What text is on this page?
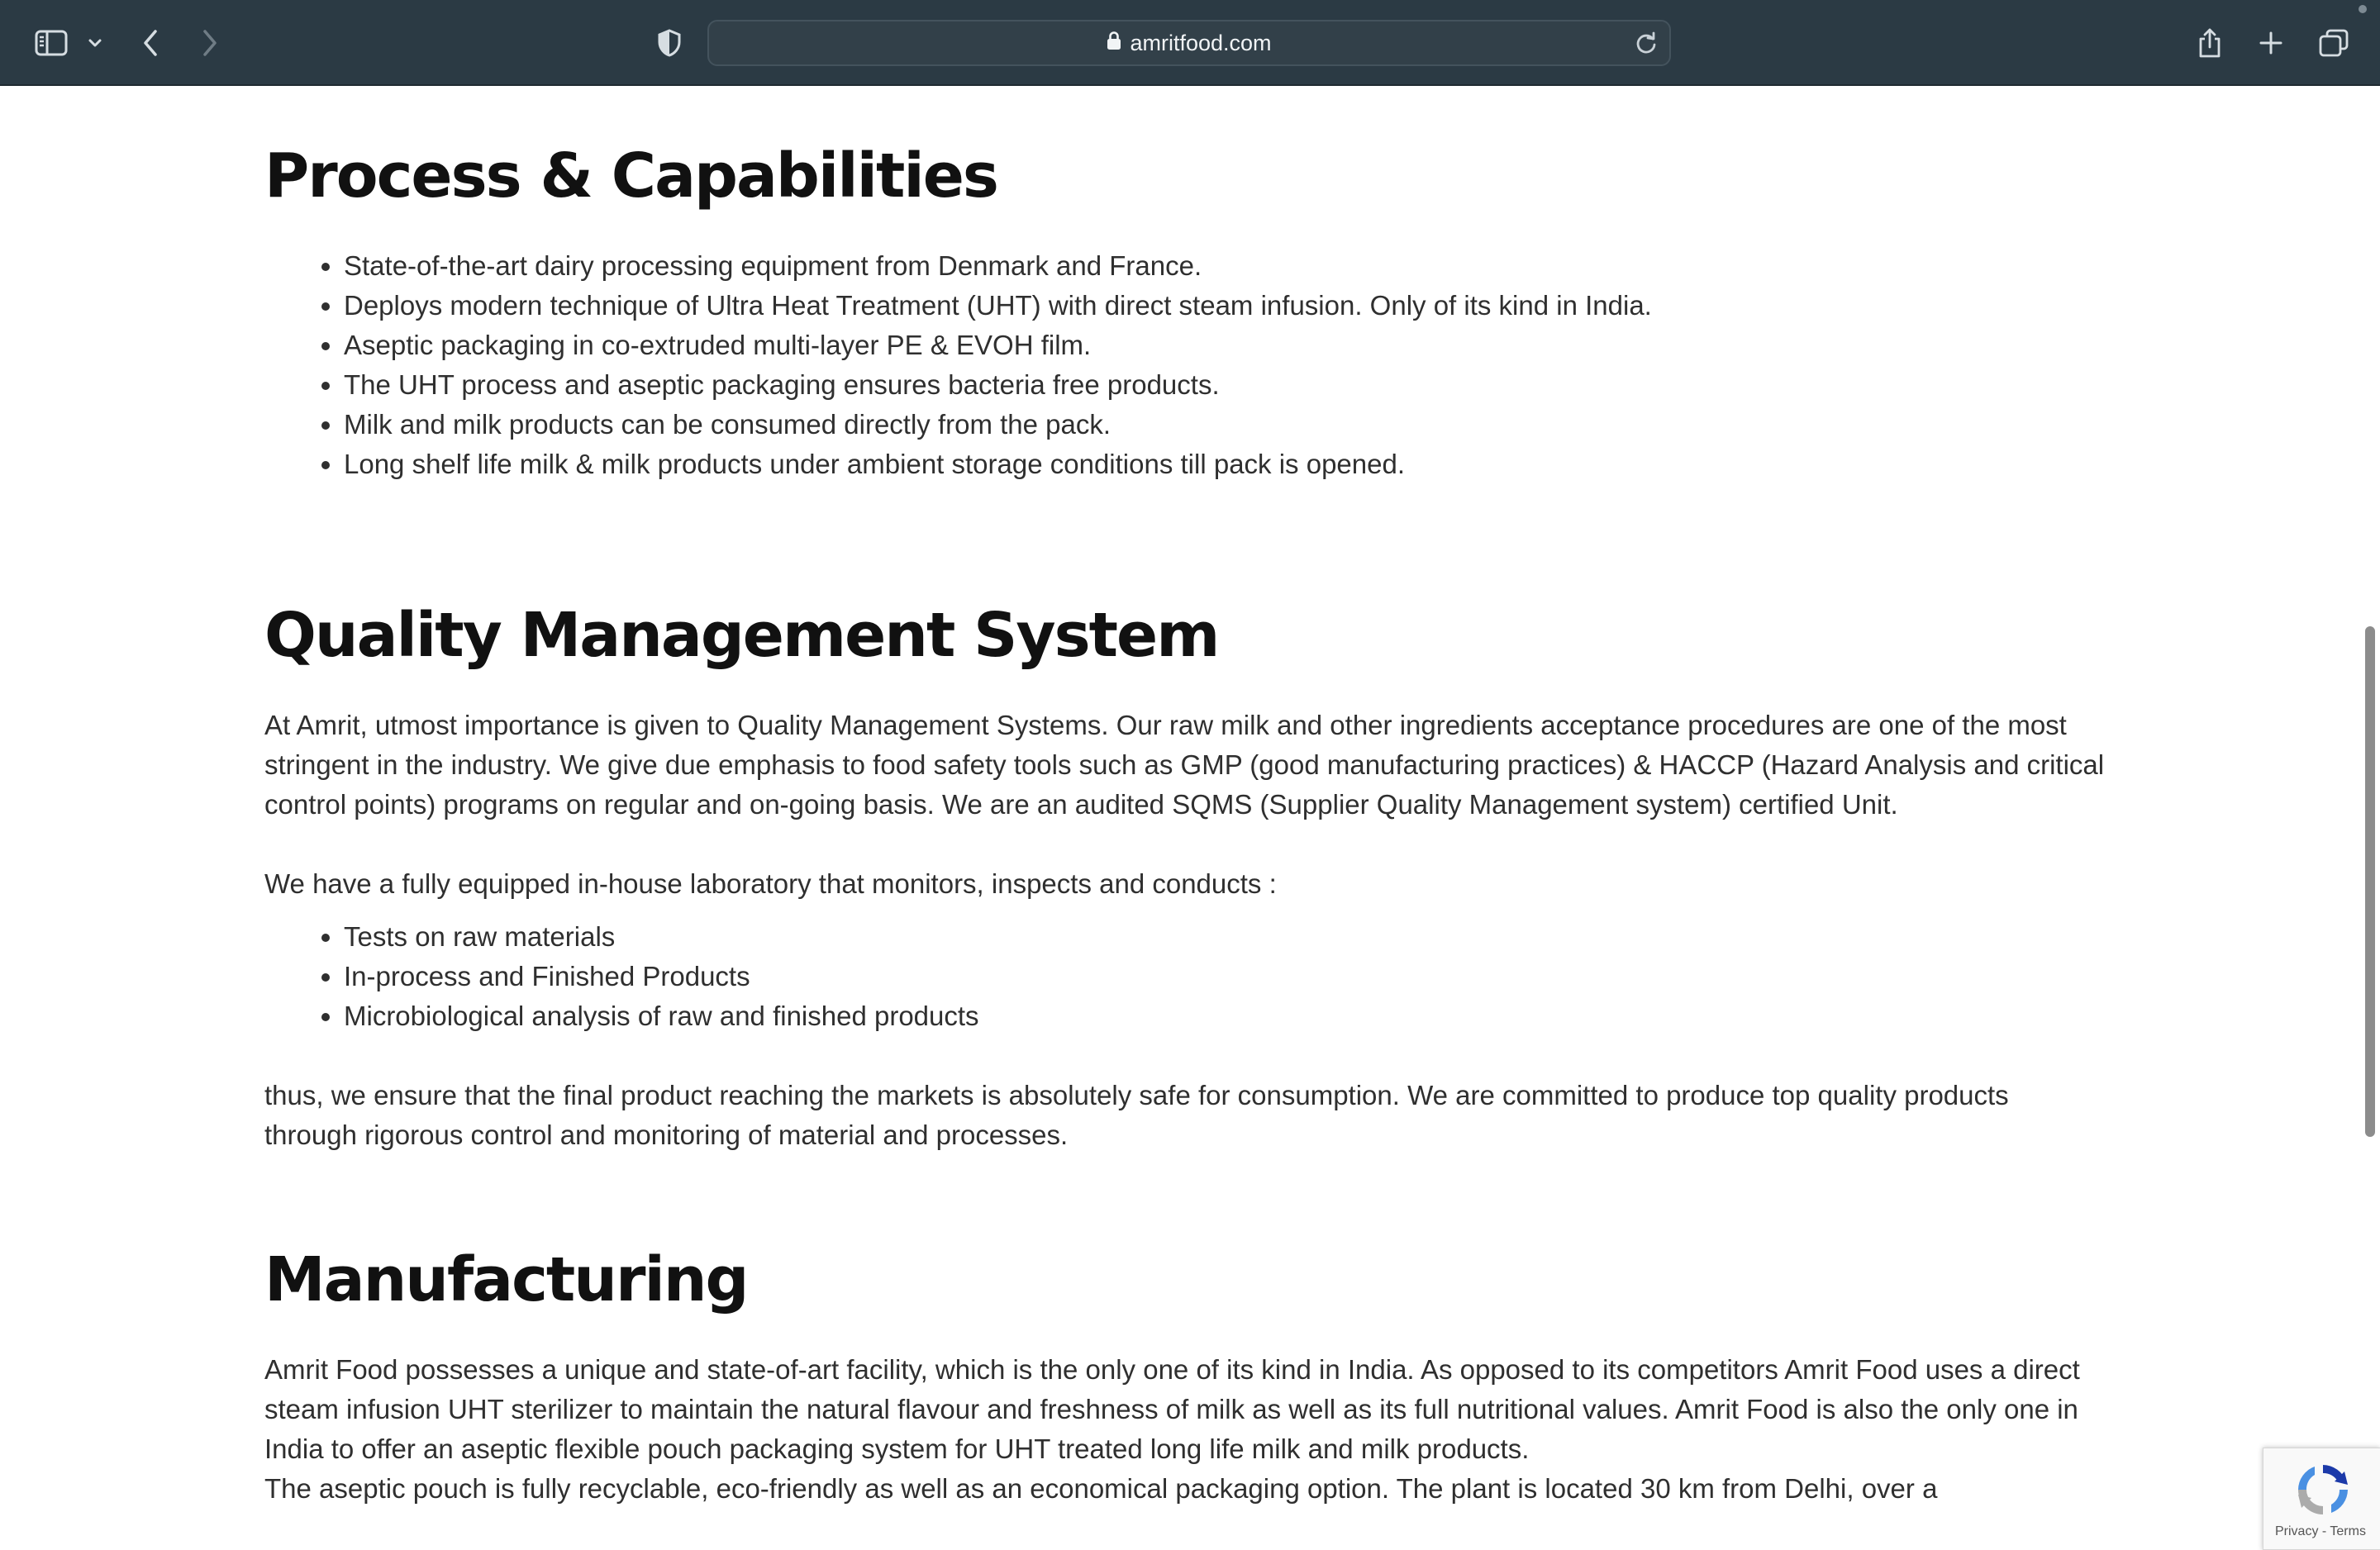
amritfood.com
Process & Capabilities
• State-of-the-art dairy processing equipment from Denmark and France.
• Deploys modern technique of Ultra Heat Treatment (UHT) with direct steam infusion. Only of its kind in India.
• Aseptic packaging in co-extruded multi-layer PE & EVOH film.
• The UHT process and aseptic packaging ensures bacteria free products.
• Milk and milk products can be consumed directly from the pack.
• Long shelf life milk & milk products under ambient storage conditions till pack is opened.
Quality Management System

At Amrit, utmost importance is given to Quality Management Systems. Our raw milk and other ingredients acceptance procedures are one of the most stringent in the industry. We give due emphasis to food safety tools such as GMP (good manufacturing practices) & HACCP (Hazard Analysis and critical control points) programs on regular and on-going basis. We are an audited SQMS (Supplier Quality Management system) certified Unit.

We have a fully equipped in-house laboratory that monitors, inspects and conducts :

• Tests on raw materials
• In-process and Finished Products
• Microbiological analysis of raw and finished products

thus, we ensure that the final product reaching the markets is absolutely safe for consumption. We are committed to produce top quality products through rigorous control and monitoring of material and processes.

Manufacturing

Amrit Food possesses a unique and state-of-art facility, which is the only one of its kind in India. As opposed to its competitors Amrit Food uses a direct steam infusion UHT sterilizer to maintain the natural flavour and freshness of milk as well as its full nutritional values. Amrit Food is also the only one in India to offer an aseptic flexible pouch packaging system for UHT treated long life milk and milk products.

The aseptic pouch is fully recyclable, eco-friendly as well as an economical packaging option. The plant is located 30 km from Delhi, over a

Privacy - Terms
